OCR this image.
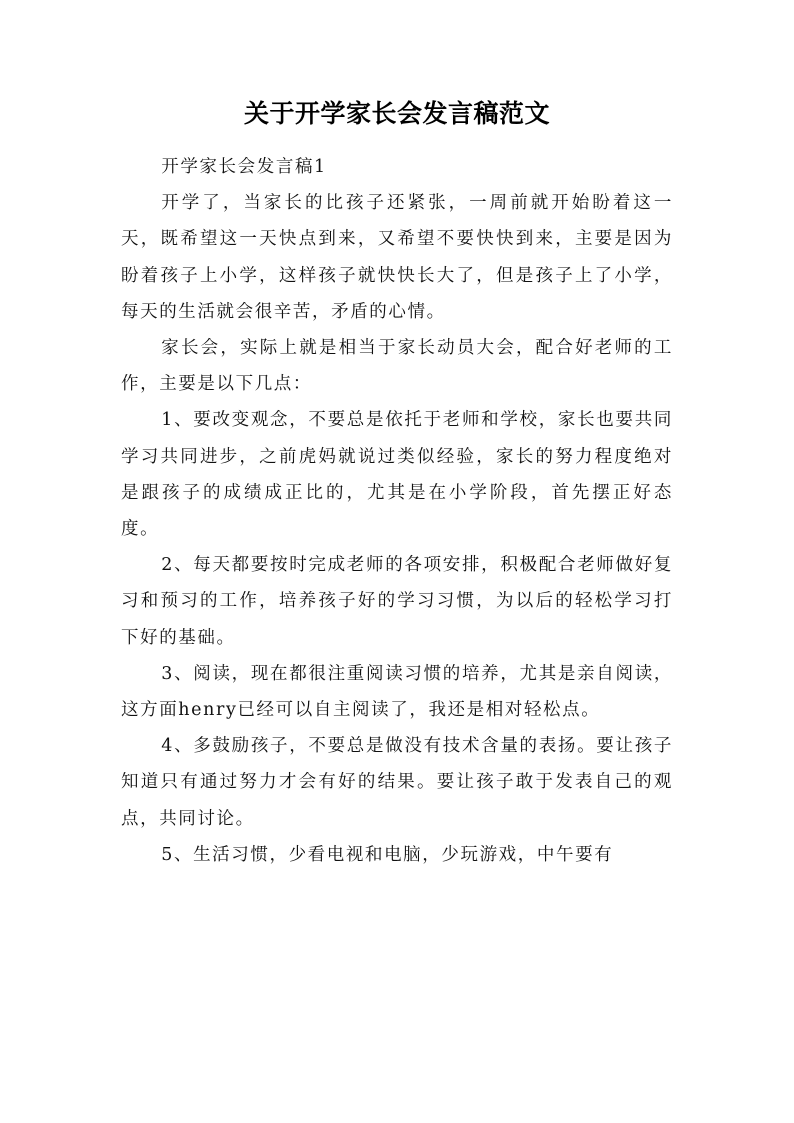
关于开学家长会发言稿范文

开学家长会发言稿1

开学了，当家长的比孩子还紧张，一周前就开始盼着这一天，既希望这一天快点到来，又希望不要快快到来，主要是因为盼着孩子上小学，这样孩子就快快长大了，但是孩子上了小学，每天的生活就会很辛苦，矛盾的心情。

家长会，实际上就是相当于家长动员大会，配合好老师的工作，主要是以下几点：

1、要改变观念，不要总是依托于老师和学校，家长也要共同学习共同进步，之前虎妈就说过类似经验，家长的努力程度绝对是跟孩子的成绩成正比的，尤其是在小学阶段，首先摆正好态度。

2、每天都要按时完成老师的各项安排，积极配合老师做好复习和预习的工作，培养孩子好的学习习惯，为以后的轻松学习打下好的基础。

3、阅读，现在都很注重阅读习惯的培养，尤其是亲自阅读，这方面henry已经可以自主阅读了，我还是相对轻松点。

4、多鼓励孩子，不要总是做没有技术含量的表扬。要让孩子知道只有通过努力才会有好的结果。要让孩子敢于发表自己的观点，共同讨论。

5、生活习惯，少看电视和电脑，少玩游戏，中午要有
